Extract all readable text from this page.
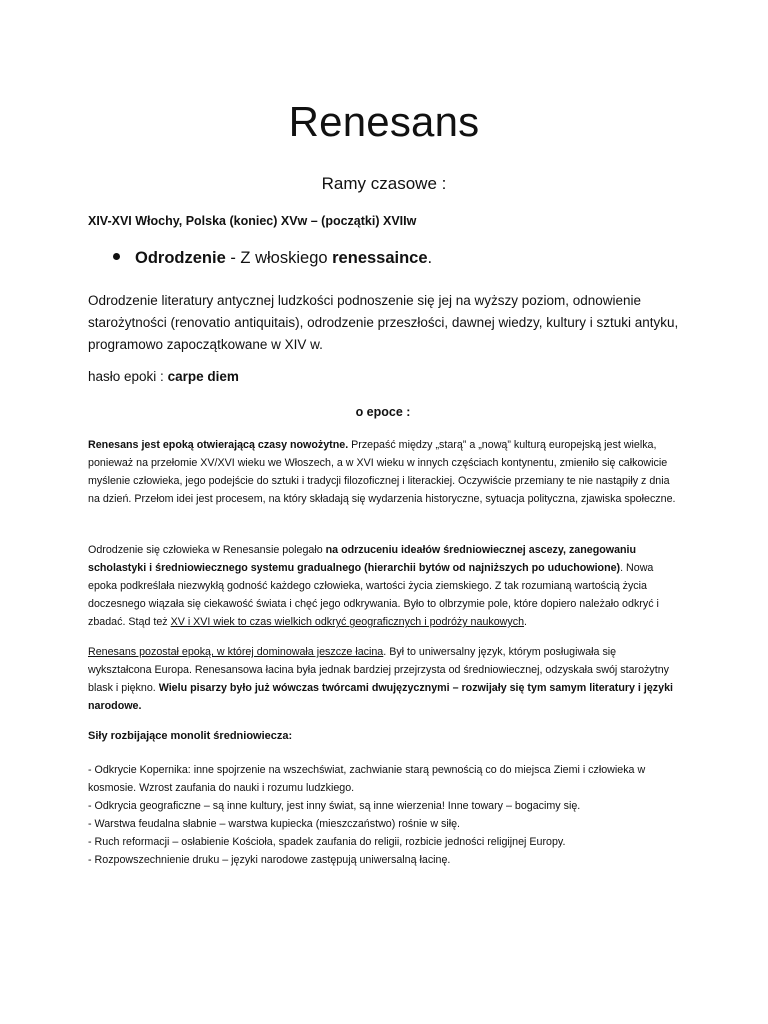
Renesans
Ramy czasowe :
XIV-XVI Włochy, Polska (koniec) XVw – (początki) XVIIw
Odrodzenie - Z włoskiego renessaince.
Odrodzenie literatury antycznej ludzkości podnoszenie się jej na wyższy poziom, odnowienie starożytności (renovatio antiquitais), odrodzenie przeszłości, dawnej wiedzy, kultury i sztuki antyku, programowo zapoczątkowane w XIV w.
hasło epoki : carpe diem
o epoce :
Renesans jest epoką otwierającą czasy nowożytne. Przepaść między „starą” a „nową” kulturą europejską jest wielka, ponieważ na przełomie XV/XVI wieku we Włoszech, a w XVI wieku w innych częściach kontynentu, zmieniło się całkowicie myślenie człowieka, jego podejście do sztuki i tradycji filozoficznej i literackiej. Oczywiście przemiany te nie nastąpiły z dnia na dzień. Przełom idei jest procesem, na który składają się wydarzenia historyczne, sytuacja polityczna, zjawiska społeczne.
Odrodzenie się człowieka w Renesansie polegało na odrzuceniu ideałów średniowiecznej ascezy, zanegowaniu scholastyki i średniowiecznego systemu gradualnego (hierarchii bytów od najniższych po uduchowione). Nowa epoka podkreślała niezwykłą godność każdego człowieka, wartości życia ziemskiego. Z tak rozumianą wartością życia doczesnego wiązała się ciekawość świata i chęć jego odkrywania. Było to olbrzymie pole, które dopiero należało odkryć i zbadać. Stąd też XV i XVI wiek to czas wielkich odkryć geograficznych i podróży naukowych.
Renesans pozostał epoką, w której dominowała jeszcze łacina. Był to uniwersalny język, którym posługiwała się wykształcona Europa. Renesansowa łacina była jednak bardziej przejrzysta od średniowiecznej, odzyskała swój starożytny blask i piękno. Wielu pisarzy było już wówczas twórcami dwujęzycznymi – rozwijały się tym samym literatury i języki narodowe.
Siły rozbijające monolit średniowiecza:
- Odkrycie Kopernika: inne spojrzenie na wszechświat, zachwianie starą pewnością co do miejsca Ziemi i człowieka w kosmosie. Wzrost zaufania do nauki i rozumu ludzkiego.
- Odkrycia geograficzne – są inne kultury, jest inny świat, są inne wierzenia! Inne towary – bogacimy się.
- Warstwa feudalna słabnie – warstwa kupiecka (mieszczaństwo) rośnie w siłę.
- Ruch reformacji – osłabienie Kościoła, spadek zaufania do religii, rozbicie jedności religijnej Europy.
- Rozpowszechnienie druku – języki narodowe zastępują uniwersalną łacinę.
